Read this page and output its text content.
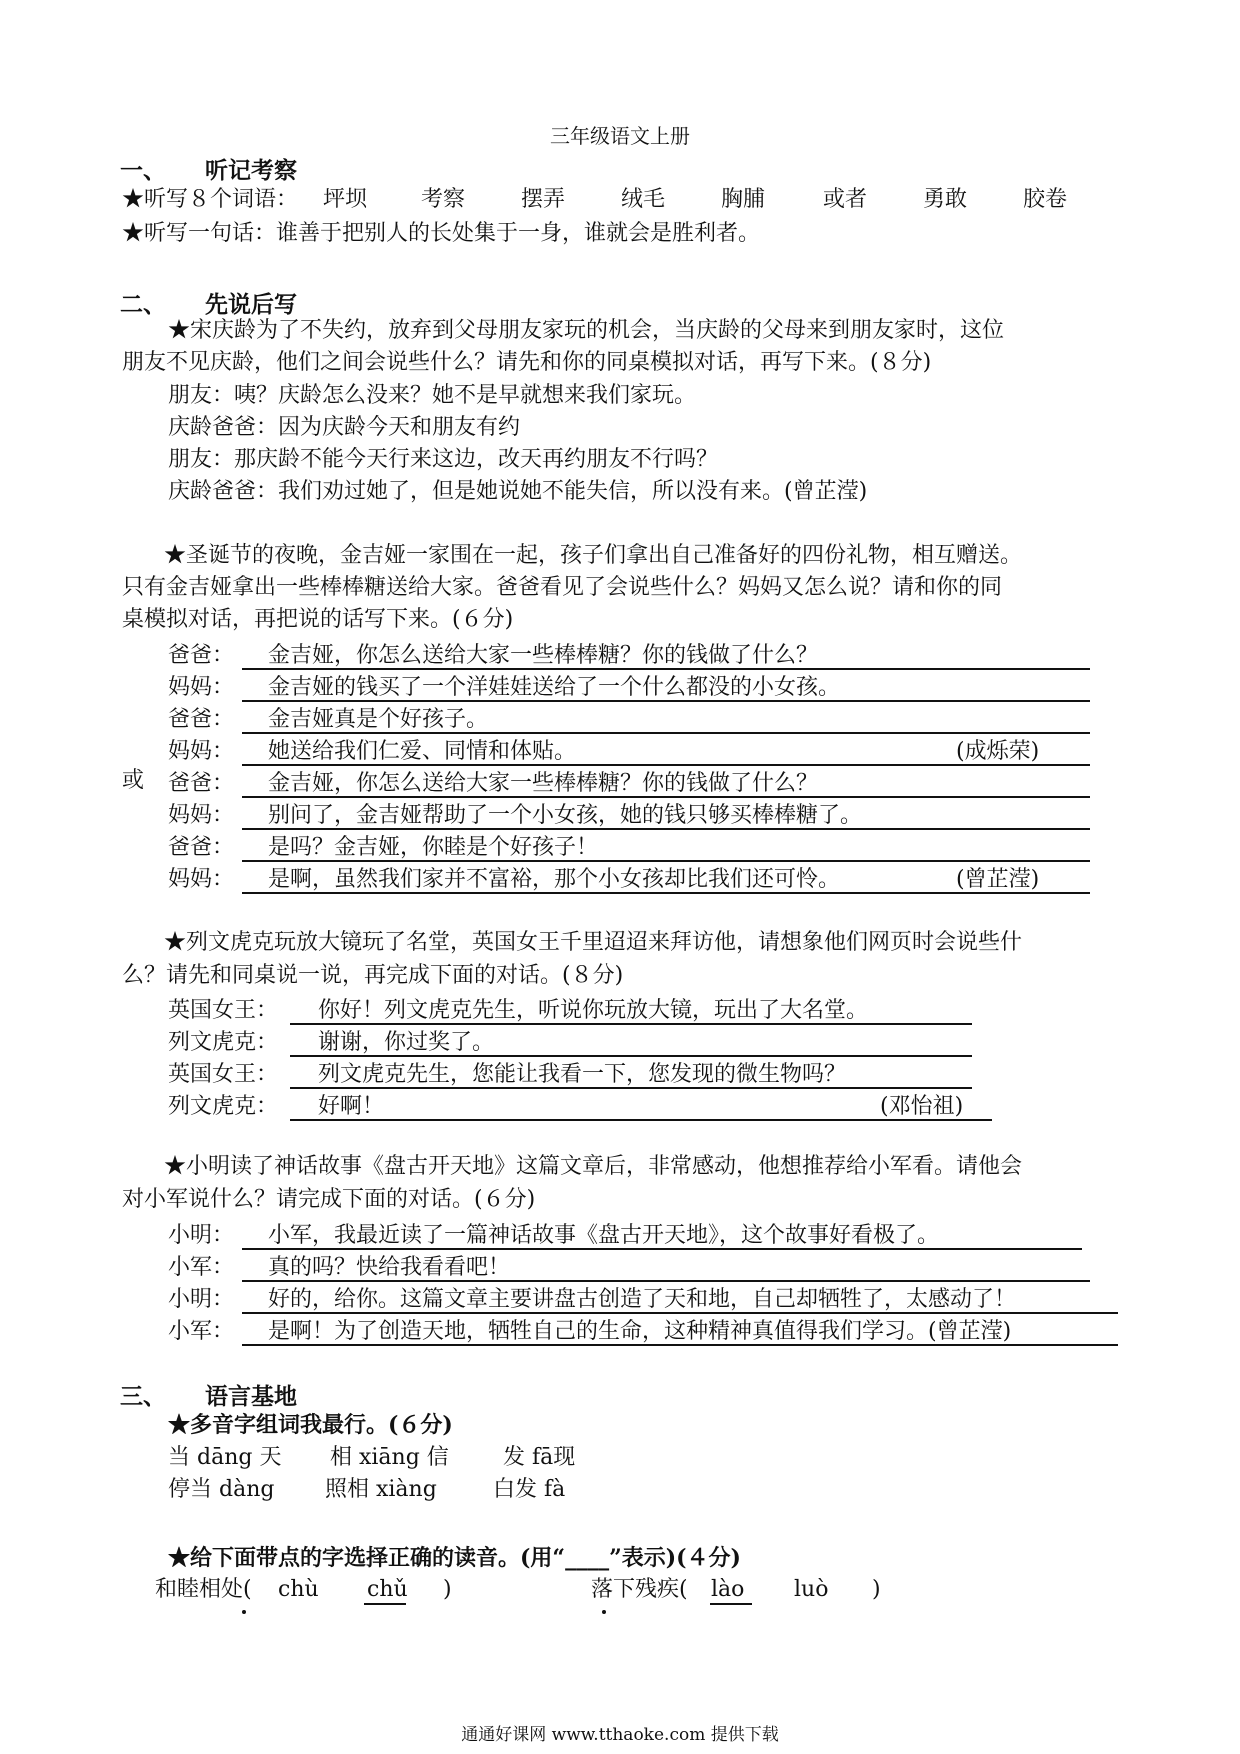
三年级语文上册
一、 听记考察
★听写８个词语： 坪坝 考察	摆弄	绒毛	胸脯	或者	勇敢	胶卷
★听写一句话：谁善于把别人的长处集于一身，谁就会是胜利者。
二、 先说后写
★宋庆龄为了不失约，放弃到父母朋友家玩的机会，当庆龄的父母来到朋友家时，这位
朋友不见庆龄，他们之间会说些什么？请先和你的同桌模拟对话，再写下来。(８分)
朋友：咦？庆龄怎么没来？她不是早就想来我们家玩。
庆龄爸爸：因为庆龄今天和朋友有约
朋友：那庆龄不能今天行来这边，改天再约朋友不行吗？
庆龄爸爸：我们劝过她了，但是她说她不能失信，所以没有来。(曾芷滢)
★圣诞节的夜晚，金吉娅一家围在一起，孩子们拿出自己准备好的四份礼物，相互赠送。
只有金吉娅拿出一些棒棒糖送给大家。爸爸看见了会说些什么？妈妈又怎么说？请和你的同
桌模拟对话，再把说的话写下来。(６分)
或
爸爸： 金吉娅，你怎么送给大家一些棒棒糖？你的钱做了什么？
妈妈： 金吉娅的钱买了一个洋娃娃送给了一个什么都没的小女孩。
爸爸： 金吉娅真是个好孩子。
妈妈： 她送给我们仁爱、同情和体贴。	(成烁荣)
爸爸： 金吉娅，你怎么送给大家一些棒棒糖？你的钱做了什么？
妈妈： 别问了，金吉娅帮助了一个小女孩，她的钱只够买棒棒糖了。
爸爸： 是吗？金吉娅，你睦是个好孩子！
妈妈： 是啊，虽然我们家并不富裕，那个小女孩却比我们还可怜。	(曾芷滢)
★列文虎克玩放大镜玩了名堂，英国女王千里迢迢来拜访他，请想象他们网页时会说些什
么？请先和同桌说一说，再完成下面的对话。(８分)
英国女王： 你好！列文虎克先生，听说你玩放大镜，玩出了大名堂。
列文虎克： 谢谢，你过奖了。
英国女王： 列文虎克先生，您能让我看一下，您发现的微生物吗？
列文虎克： 好啊！	(邓怡祖)
★小明读了神话故事《盘古开天地》这篇文章后，非常感动，他想推荐给小军看。请他会
对小军说什么？请完成下面的对话。(６分)
小明： 小军，我最近读了一篇神话故事《盘古开天地》，这个故事好看极了。
小军： 真的吗？快给我看看吧！
小明： 好的，给你。这篇文章主要讲盘古创造了天和地，自己却牺牲了，太感动了！
小军： 是啊！为了创造天地，牺牲自己的生命，这种精神真值得我们学习。(曾芷滢)
三、 语言基地
★多音字组词我最行。(６分)
当 dāng 天 相 xiāng 信 发 fā现
停当 dàng 照相 xiàng	白发 fà
★给下面带点的字选择正确的读音。(用“____”表示)(４分)
和睦相处 ( chù chǔ )	落下残疾 ( lào luò )
通通好课网 www.tthaoke.com 提供下载
